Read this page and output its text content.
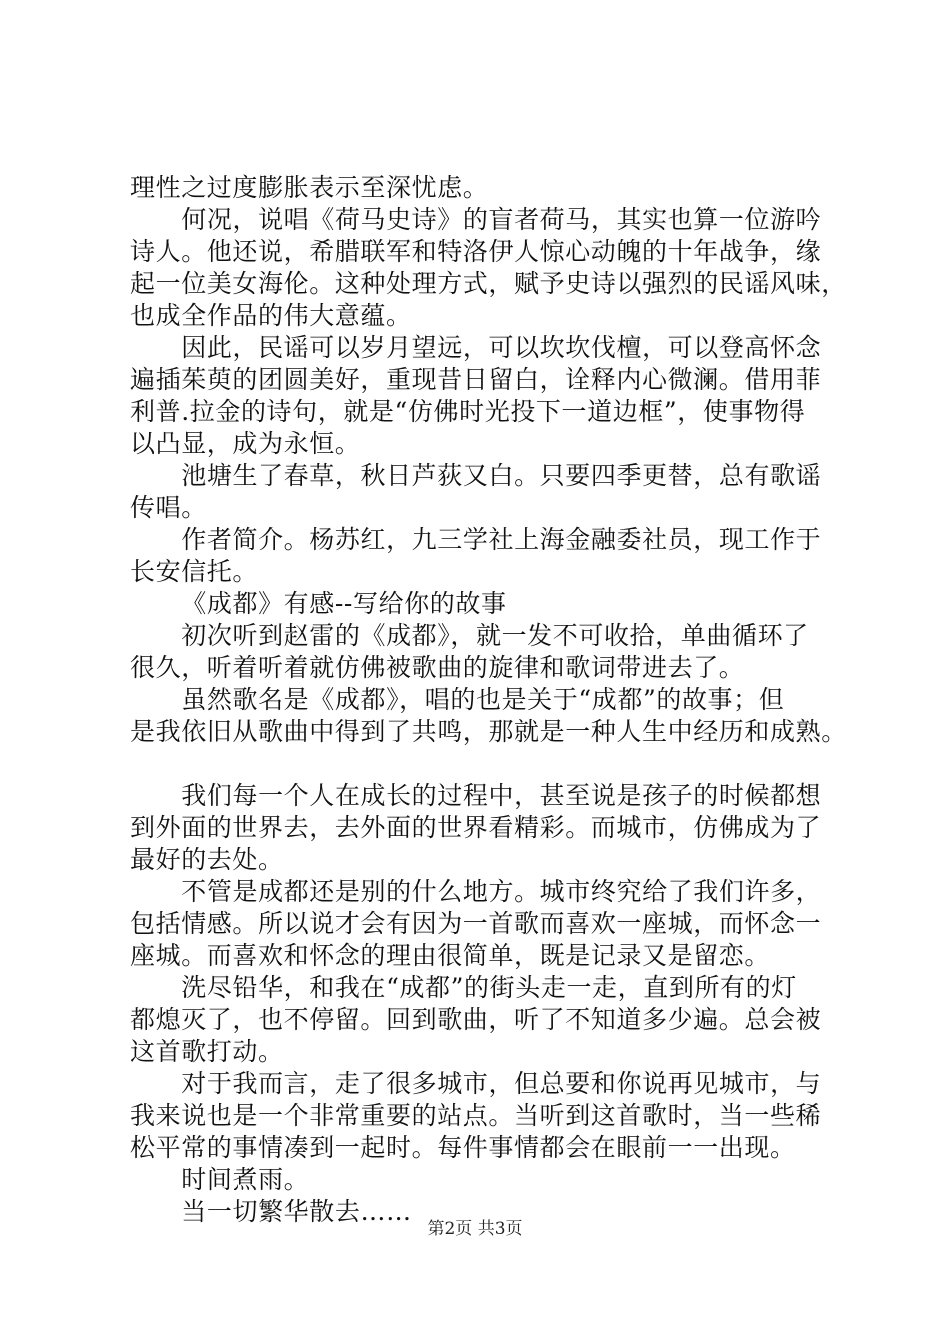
理性之过度膨胀表示至深忧虑。

何况，说唱《荷马史诗》的盲者荷马，其实也算一位游吟
诗人。他还说，希腊联军和特洛伊人惊心动魄的十年战争，缘
起一位美女海伦。这种处理方式，赋予史诗以强烈的民谣风味，
也成全作品的伟大意蕴。

因此，民谣可以岁月望远，可以坎坎伐檀，可以登高怀念
遍插茱萸的团圆美好，重现昔日留白，诠释内心微澜。借用菲
利普.拉金的诗句，就是“仿佛时光投下一道边框”，使事物得
以凸显，成为永恒。

池塘生了春草，秋日芦荻又白。只要四季更替，总有歌谣
传唱。

作者简介。杨苏红，九三学社上海金融委社员，现工作于
长安信托。

《成都》有感--写给你的故事

初次听到赵雷的《成都》，就一发不可收拾，单曲循环了
很久，听着听着就仿佛被歌曲的旋律和歌词带进去了。

虽然歌名是《成都》，唱的也是关于“成都”的故事；但
是我依旧从歌曲中得到了共鸣，那就是一种人生中经历和成熟。

我们每一个人在成长的过程中，甚至说是孩子的时候都想
到外面的世界去，去外面的世界看精彩。而城市，仿佛成为了
最好的去处。

不管是成都还是别的什么地方。城市终究给了我们许多，
包括情感。所以说才会有因为一首歌而喜欢一座城，而怀念一
座城。而喜欢和怀念的理由很简单，既是记录又是留恋。

洗尽铅华，和我在“成都”的街头走一走，直到所有的灯
都熄灭了，也不停留。回到歌曲，听了不知道多少遍。总会被
这首歌打动。

对于我而言，走了很多城市，但总要和你说再见城市，与
我来说也是一个非常重要的站点。当听到这首歌时，当一些稀
松平常的事情凑到一起时。每件事情都会在眼前一一出现。

时间煮雨。

当一切繁华散去……

第2页 共3页
